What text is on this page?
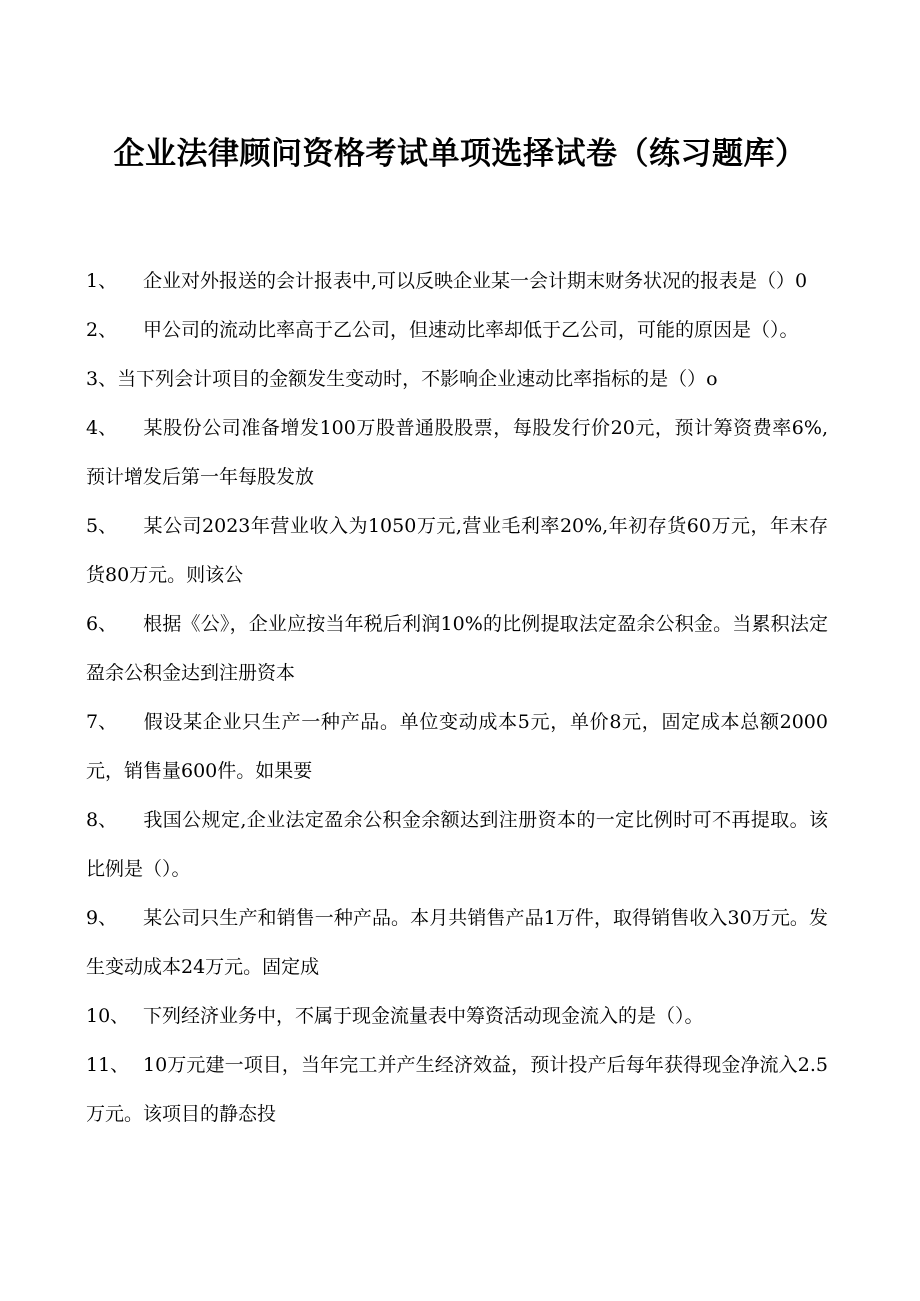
企业法律顾问资格考试单项选择试卷（练习题库）
1、 企业对外报送的会计报表中,可以反映企业某一会计期末财务状况的报表是（）0
2、 甲公司的流动比率高于乙公司，但速动比率却低于乙公司，可能的原因是（）。
3、当下列会计项目的金额发生变动时，不影响企业速动比率指标的是（）o
4、 某股份公司准备增发100万股普通股股票，每股发行价20元，预计筹资费率6%,预计增发后第一年每股发放
5、 某公司2023年营业收入为1050万元,营业毛利率20%,年初存货60万元，年末存货80万元。则该公
6、 根据《公》，企业应按当年税后利润10%的比例提取法定盈余公积金。当累积法定盈余公积金达到注册资本
7、 假设某企业只生产一种产品。单位变动成本5元，单价8元，固定成本总额2000元，销售量600件。如果要
8、 我国公规定,企业法定盈余公积金余额达到注册资本的一定比例时可不再提取。该比例是（）。
9、 某公司只生产和销售一种产品。本月共销售产品1万件，取得销售收入30万元。发生变动成本24万元。固定成
10、 下列经济业务中，不属于现金流量表中筹资活动现金流入的是（）。
11、 10万元建一项目，当年完工并产生经济效益，预计投产后每年获得现金净流入2.5万元。该项目的静态投
